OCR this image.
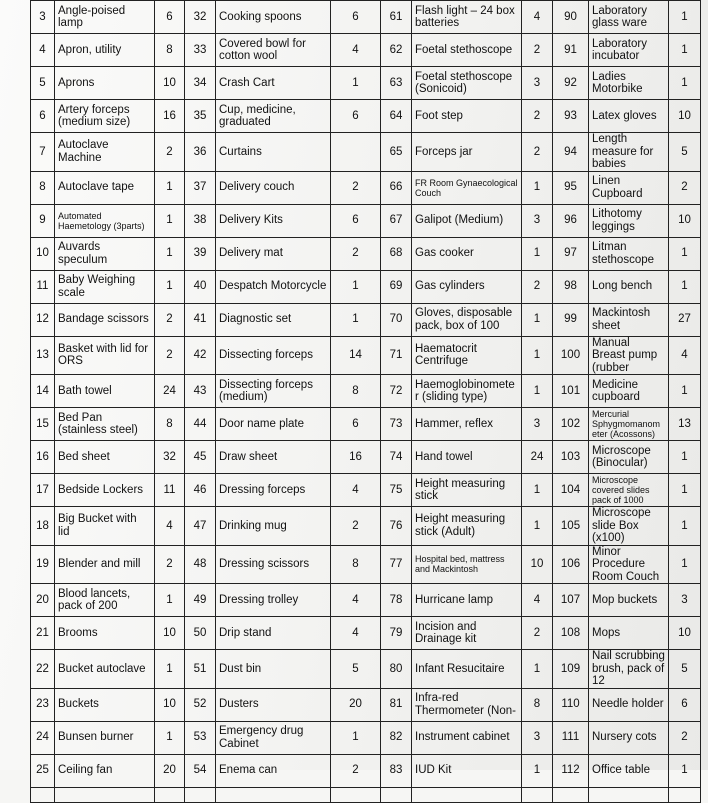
3	Angle-poised lamp	6	32	Cooking spoons	6	61	Flash light – 24 box batteries	4	90	Laboratory glass ware	1
4	Apron, utility	8	33	Covered bowl for cotton wool	4	62	Foetal stethoscope	2	91	Laboratory incubator	1
5	Aprons	10	34	Crash Cart	1	63	Foetal stethoscope (Sonicoid)	3	92	Ladies Motorbike	1
6	Artery forceps (medium size)	16	35	Cup, medicine, graduated	6	64	Foot step	2	93	Latex gloves	10
7	Autoclave Machine	2	36	Curtains		65	Forceps jar	2	94	Length measure for babies	5
8	Autoclave tape	1	37	Delivery couch	2	66	FR Room Gynaecological Couch	1	95	Linen Cupboard	2
9	Automated Haemetology (3parts)	1	38	Delivery Kits	6	67	Galipot (Medium)	3	96	Lithotomy leggings	10
10	Auvards speculum	1	39	Delivery mat	2	68	Gas cooker	1	97	Litman stethoscope	1
11	Baby Weighing scale	1	40	Despatch Motorcycle	1	69	Gas cylinders	2	98	Long bench	1
12	Bandage scissors	2	41	Diagnostic set	1	70	Gloves, disposable pack, box of 100	1	99	Mackintosh sheet	27
13	Basket with lid for ORS	2	42	Dissecting forceps	14	71	Haematocrit Centrifuge	1	100	Manual Breast pump (rubber	4
14	Bath towel	24	43	Dissecting forceps (medium)	8	72	Haemoglobinometer (sliding type)	1	101	Medicine cupboard	1
15	Bed Pan (stainless steel)	8	44	Door name plate	6	73	Hammer, reflex	3	102	Mercurial Sphygmomanometer (Acossons)	13
16	Bed sheet	32	45	Draw sheet	16	74	Hand towel	24	103	Microscope (Binocular)	1
17	Bedside Lockers	11	46	Dressing forceps	4	75	Height measuring stick	1	104	Microscope covered slides pack of 1000	1
18	Big Bucket with lid	4	47	Drinking mug	2	76	Height measuring stick (Adult)	1	105	Microscope slide Box (x100)	1
19	Blender and mill	2	48	Dressing scissors	8	77	Hospital bed, mattress and Mackintosh	10	106	Minor Procedure Room Couch	1
20	Blood lancets, pack of 200	1	49	Dressing trolley	4	78	Hurricane lamp	4	107	Mop buckets	3
21	Brooms	10	50	Drip stand	4	79	Incision and Drainage kit	2	108	Mops	10
22	Bucket autoclave	1	51	Dust bin	5	80	Infant Resucitaire	1	109	Nail scrubbing brush, pack of 12	5
23	Buckets	10	52	Dusters	20	81	Infra-red Thermometer (Non-	8	110	Needle holder	6
24	Bunsen burner	1	53	Emergency drug Cabinet	1	82	Instrument cabinet	3	111	Nursery cots	2
25	Ceiling fan	20	54	Enema can	2	83	IUD Kit	1	112	Office table	1
